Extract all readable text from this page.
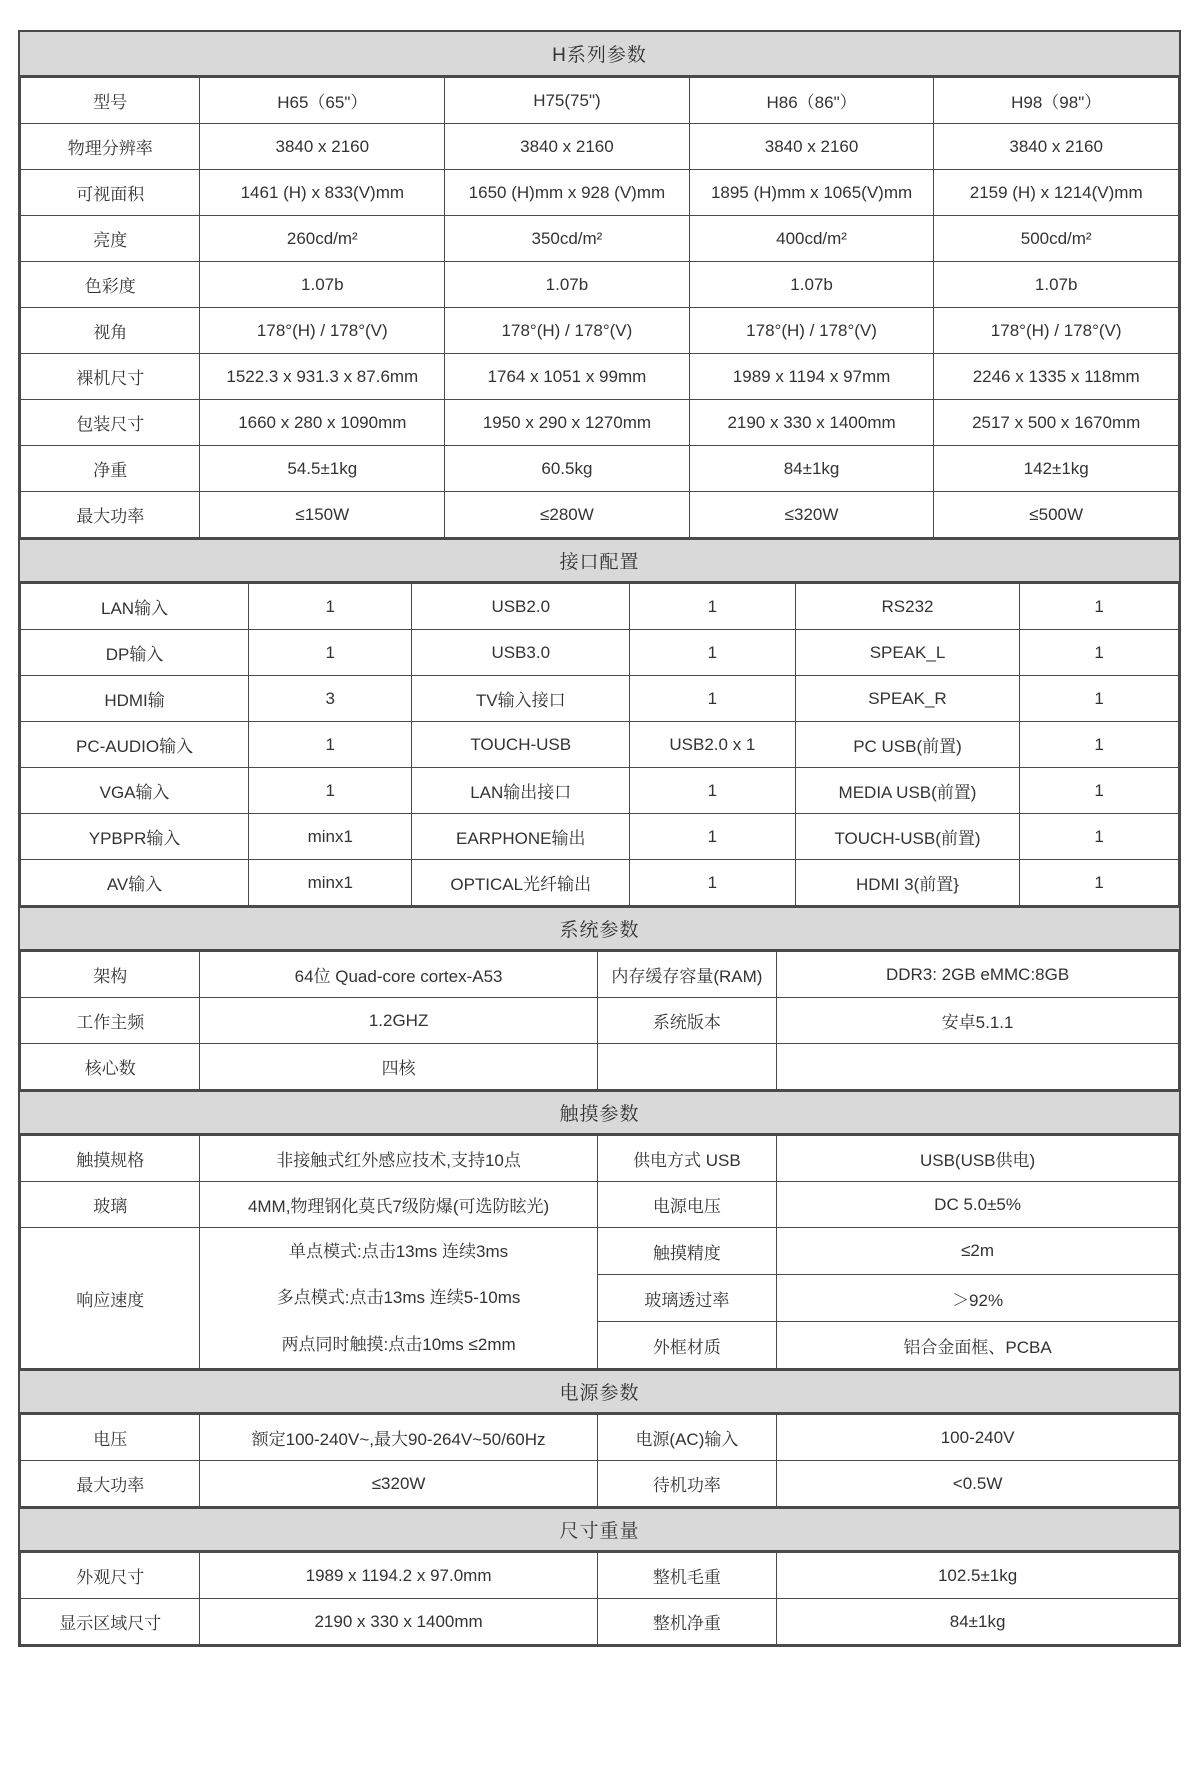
H系列参数
型号	H65（65"）	H75(75")	H86（86"）	H98（98"）
物理分辨率	3840 x 2160	3840 x 2160	3840 x 2160	3840 x 2160
可视面积	1461 (H) x 833(V)mm	1650 (H)mm x 928 (V)mm	1895 (H)mm x 1065(V)mm	2159 (H) x 1214(V)mm
亮度	260cd/m²	350cd/m²	400cd/m²	500cd/m²
色彩度	1.07b	1.07b	1.07b	1.07b
视角	178°(H) / 178°(V)	178°(H) / 178°(V)	178°(H) / 178°(V)	178°(H) / 178°(V)
裸机尺寸	1522.3 x 931.3 x 87.6mm	1764 x 1051 x 99mm	1989 x 1194 x 97mm	2246 x 1335 x 118mm
包装尺寸	1660 x 280 x 1090mm	1950 x 290 x 1270mm	2190 x 330 x 1400mm	2517 x 500 x 1670mm
净重	54.5±1kg	60.5kg	84±1kg	142±1kg
最大功率	≤150W	≤280W	≤320W	≤500W
接口配置
LAN输入	1	USB2.0	1	RS232	1
DP输入	1	USB3.0	1	SPEAK_L	1
HDMI输	3	TV输入接口	1	SPEAK_R	1
PC-AUDIO输入	1	TOUCH-USB	USB2.0 x 1	PC USB(前置)	1
VGA输入	1	LAN输出接口	1	MEDIA USB(前置)	1
YPBPR输入	minx1	EARPHONE输出	1	TOUCH-USB(前置)	1
AV输入	minx1	OPTICAL光纤输出	1	HDMI 3(前置}	1
系统参数
架构	64位 Quad-core cortex-A53	内存缓存容量(RAM)	DDR3: 2GB eMMC:8GB
工作主频	1.2GHZ	系统版本	安卓5.1.1
核心数	四核		
触摸参数
触摸规格	非接触式红外感应技术,支持10点	供电方式 USB	USB(USB供电)
玻璃	4MM,物理钢化莫氏7级防爆(可选防眩光)	电源电压	DC 5.0±5%
响应速度	单点模式:点击13ms 连续3ms
多点模式:点击13ms 连续5-10ms
两点同时触摸:点击10ms ≤2mm	触摸精度	≤2m
		玻璃透过率	＞92%
		外框材质	铝合金面框、PCBA
电源参数
电压	额定100-240V~,最大90-264V~50/60Hz	电源(AC)输入	100-240V
最大功率	≤320W	待机功率	<0.5W
尺寸重量
外观尺寸	1989 x 1194.2 x 97.0mm	整机毛重	102.5±1kg
显示区域尺寸	2190 x 330 x 1400mm	整机净重	84±1kg
